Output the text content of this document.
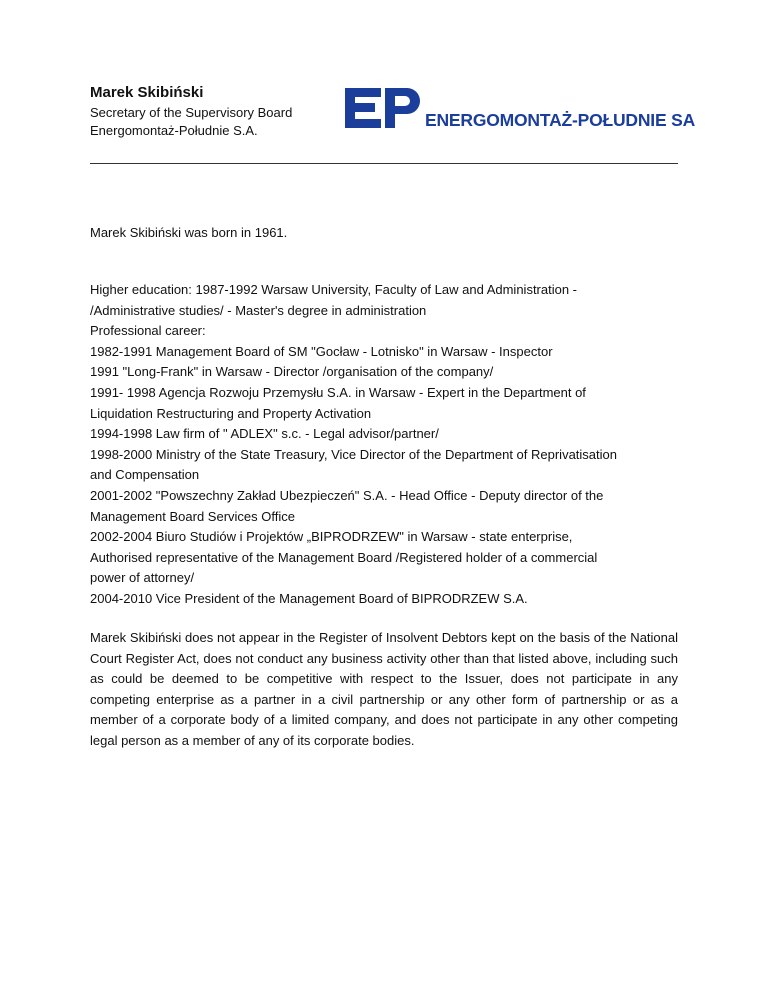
Marek Skibiński
Secretary of the Supervisory Board
Energomontaż-Południe S.A.
ENERGOMONTAŻ-POŁUDNIE SA
Marek Skibiński was born in 1961.
Higher education: 1987-1992 Warsaw University, Faculty of Law and Administration -
/Administrative studies/ - Master's degree in administration
Professional career:
1982-1991 Management Board of SM "Gocław - Lotnisko" in Warsaw - Inspector
1991 "Long-Frank" in Warsaw - Director /organisation of the company/
1991- 1998 Agencja Rozwoju Przemysłu S.A. in Warsaw - Expert in the Department of
Liquidation Restructuring and Property Activation
1994-1998 Law firm of " ADLEX" s.c. - Legal advisor/partner/
1998-2000 Ministry of the State Treasury, Vice Director of the Department of Reprivatisation
and Compensation
2001-2002 "Powszechny Zakład Ubezpieczeń" S.A. - Head Office - Deputy director of the
Management Board Services Office
2002-2004 Biuro Studiów i Projektów „BIPRODRZEW" in Warsaw - state enterprise,
Authorised representative of the Management Board /Registered holder of a commercial
power of attorney/
2004-2010 Vice President of the Management Board of BIPRODRZEW S.A.
Marek Skibiński does not appear in the Register of Insolvent Debtors kept on the basis of the National Court Register Act, does not conduct any business activity other than that listed above, including such as could be deemed to be competitive with respect to the Issuer, does not participate in any competing enterprise as a partner in a civil partnership or any other form of partnership or as a member of a corporate body of a limited company, and does not participate in any other competing legal person as a member of any of its corporate bodies.
